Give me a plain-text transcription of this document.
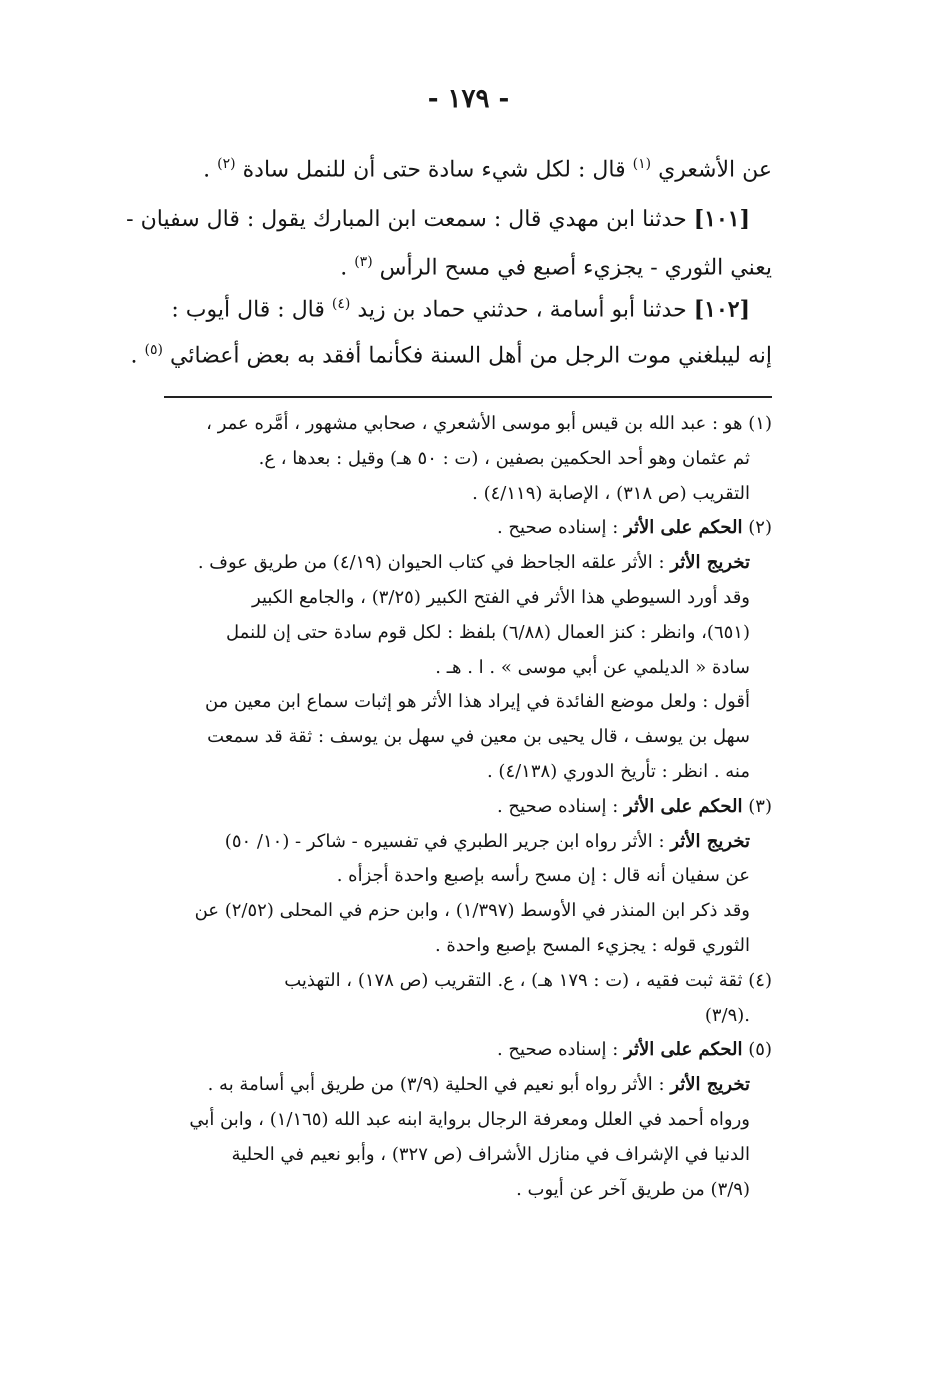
- ١٧٩ -
عن الأشعري $^{(١)}$ قال : لكل شيء سادة حتى أن للنمل سادة $^{(٢)}$ .
[١٠١] حدثنا ابن مهدي قال : سمعت ابن المبارك يقول : قال سفيان -
يعني الثوري - يجزيء أصبع في مسح الرأس $^{(٣)}$ .
[١٠٢] حدثنا أبو أسامة ، حدثني حماد بن زيد $^{(٤)}$ قال : قال أيوب :
إنه ليبلغني موت الرجل من أهل السنة فكأنما أفقد به بعض أعضائي $^{(٥)}$ .
(١) هو : عبد الله بن قيس أبو موسى الأشعري ، صحابي مشهور ، أمَّره عمر ،
ثم عثمان وهو أحد الحكمين بصفين ، (ت : ٥٠ هـ) وقيل : بعدها ، ع.
التقريب (ص ٣١٨) ، الإصابة (٤/١١٩) .
(٢) الحكم على الأثر : إسناده صحيح .
تخريج الأثر : الأثر علقه الجاحظ في كتاب الحيوان (٤/١٩) من طريق عوف .
وقد أورد السيوطي هذا الأثر في الفتح الكبير (٣/٢٥) ، والجامع الكبير
(٦٥١)، وانظر : كنز العمال (٦/٨٨) بلفظ : لكل قوم سادة حتى إن للنمل
سادة « الديلمي عن أبي موسى » . ا . هـ .
أقول : ولعل موضع الفائدة في إيراد هذا الأثر هو إثبات سماع ابن معين من
سهل بن يوسف ، قال يحيى بن معين في سهل بن يوسف : ثقة قد سمعت
منه . انظر : تأريخ الدوري (٤/١٣٨) .
(٣) الحكم على الأثر : إسناده صحيح .
تخريج الأثر : الأثر رواه ابن جرير الطبري في تفسيره - شاكر - (١٠/ ٥٠)
عن سفيان أنه قال : إن مسح رأسه بإصبع واحدة أجزأه .
وقد ذكر ابن المنذر في الأوسط (١/٣٩٧) ، وابن حزم في المحلى (٢/٥٢) عن
الثوري قوله : يجزيء المسح بإصبع واحدة .
(٤) ثقة ثبت فقيه ، (ت : ١٧٩ هـ) ، ع. التقريب (ص ١٧٨) ، التهذيب
.(٣/٩)
(٥) الحكم على الأثر : إسناده صحيح .
تخريج الأثر : الأثر رواه أبو نعيم في الحلية (٣/٩) من طريق أبي أسامة به .
ورواه أحمد في العلل ومعرفة الرجال برواية ابنه عبد الله (١/١٦٥) ، وابن أبي
الدنيا في الإشراف في منازل الأشراف (ص ٣٢٧) ، وأبو نعيم في الحلية
(٣/٩) من طريق آخر عن أيوب .
